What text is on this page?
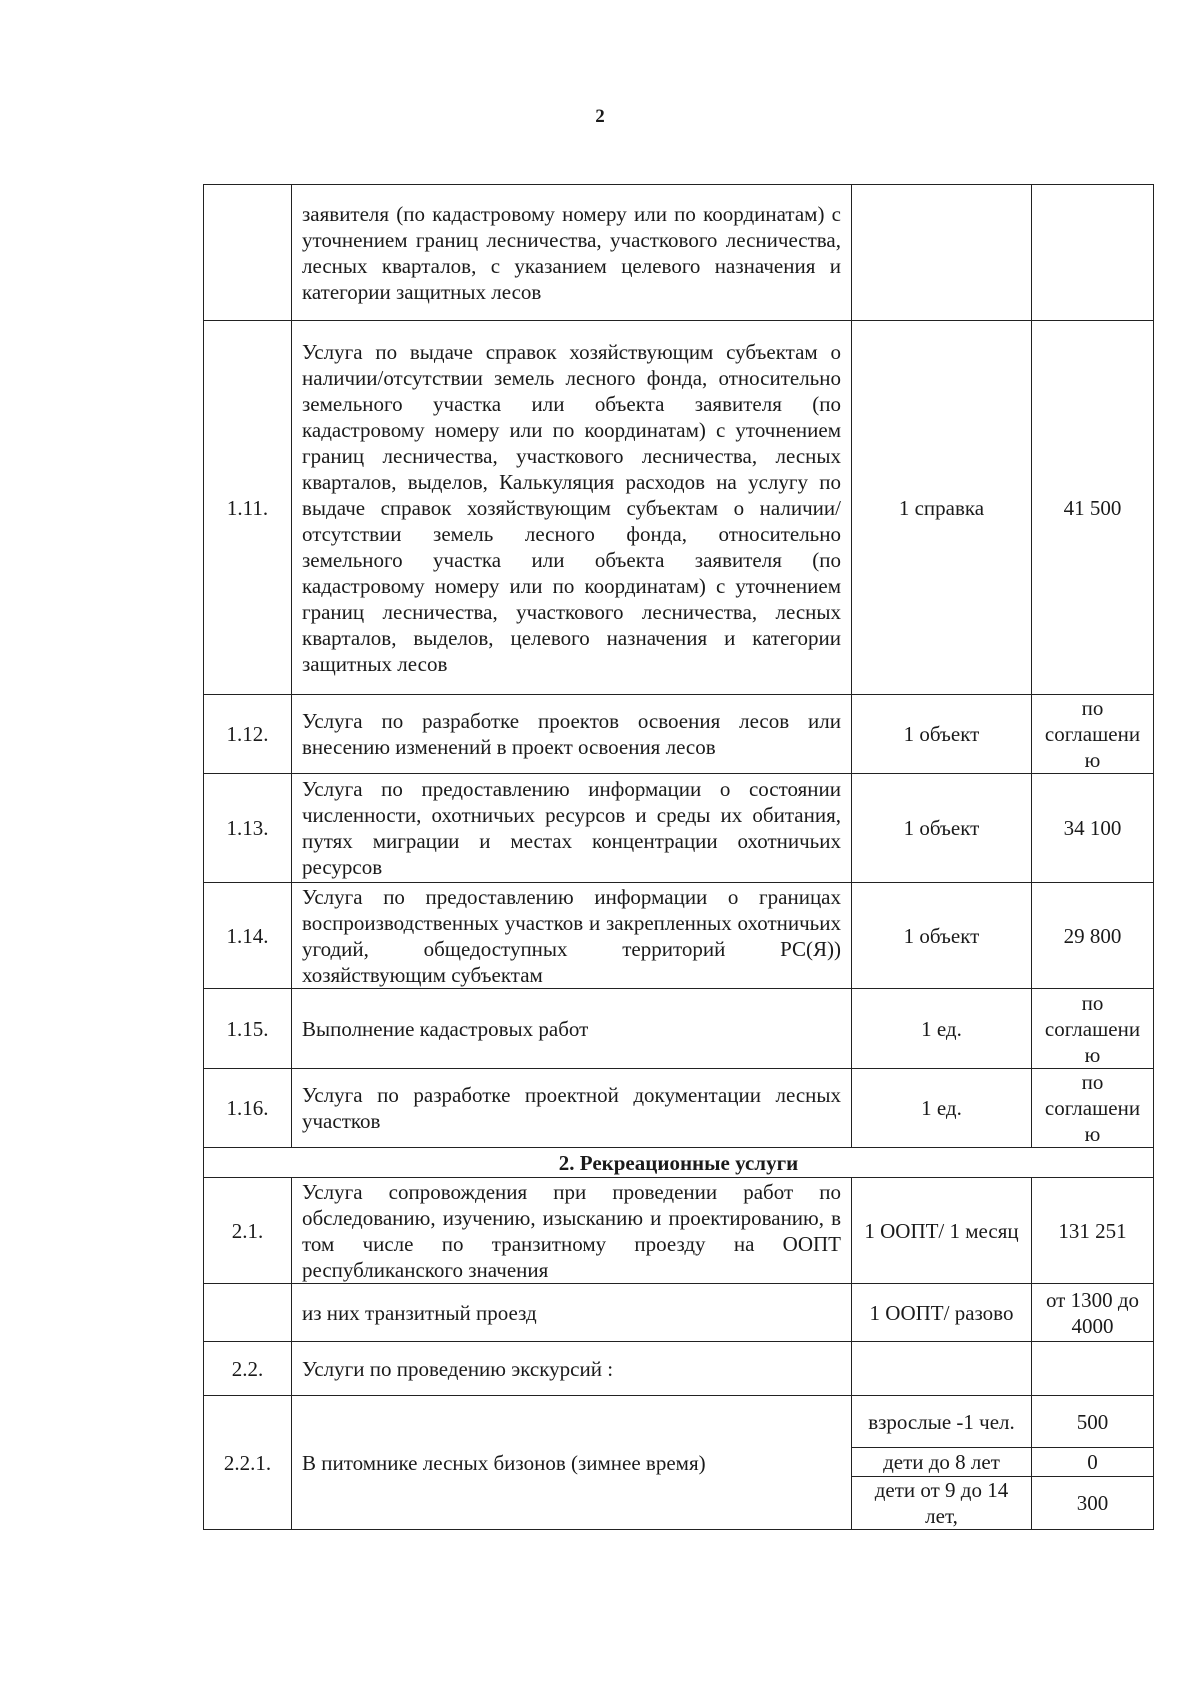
2
	заявителя (по кадастровому номеру или по координатам) с уточнением границ лесничества, участкового лесничества, лесных кварталов, с указанием целевого назначения и категории защитных лесов		
1.11.	Услуга по выдаче справок хозяйствующим субъектам о наличии/отсутствии земель лесного фонда, относительно земельного участка или объекта заявителя (по кадастровому номеру или по координатам) с уточнением границ лесничества, участкового лесничества, лесных кварталов, выделов, Калькуляция расходов на услугу по выдаче справок хозяйствующим субъектам о наличии/отсутствии земель лесного фонда, относительно земельного участка или объекта заявителя (по кадастровому номеру или по координатам) с уточнением границ лесничества, участкового лесничества, лесных кварталов, выделов, целевого назначения и категории защитных лесов	1 справка	41 500
1.12.	Услуга по разработке проектов освоения лесов или внесению изменений в проект освоения лесов	1 объект	по соглашени ю
1.13.	Услуга по предоставлению информации о состоянии численности, охотничьих ресурсов и среды их обитания, путях миграции и местах концентрации охотничьих ресурсов	1 объект	34 100
1.14.	Услуга по предоставлению информации о границах воспроизводственных участков и закрепленных охотничьих угодий, общедоступных территорий РС(Я)) хозяйствующим субъектам	1 объект	29 800
1.15.	Выполнение кадастровых работ	1 ед.	по соглашени ю
1.16.	Услуга по разработке проектной документации лесных участков	1 ед.	по соглашени ю
2. Рекреационные услуги			
2.1.	Услуга сопровождения при проведении работ по обследованию, изучению, изысканию и проектированию, в том числе по транзитному проезду на ООПТ республиканского значения	1 ООПТ/ 1 месяц	131 251
	из них транзитный проезд	1 ООПТ/ разово	от 1300 до 4000
2.2.	Услуги по проведению экскурсий :		
2.2.1.	В питомнике лесных бизонов (зимнее время)	взрослые -1 чел.	500
		дети до 8 лет	0
		дети от 9 до 14 лет,	300
